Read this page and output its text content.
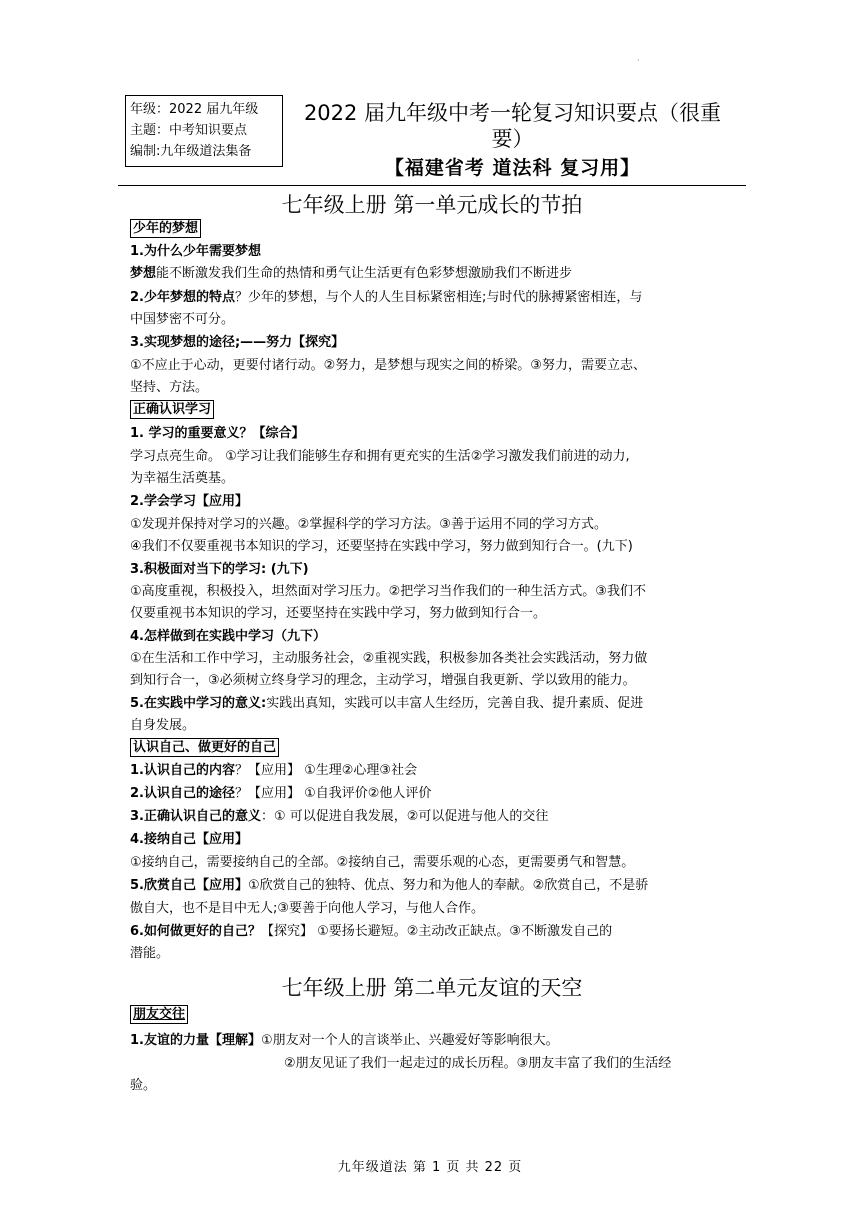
·
年级：2022 届九年级
主题：中考知识要点
编制:九年级道法集备
2022 届九年级中考一轮复习知识要点（很重
要）
【福建省考 道法科 复习用】
七年级上册 第一单元成长的节拍
少年的梦想
1.为什么少年需要梦想
梦想能不断激发我们生命的热情和勇气让生活更有色彩梦想激励我们不断进步
2.少年梦想的特点？少年的梦想，与个人的人生目标紧密相连;与时代的脉搏紧密相连，与
中国梦密不可分。
3.实现梦想的途径;——努力【探究】
①不应止于心动，更要付诸行动。②努力，是梦想与现实之间的桥梁。③努力，需要立志、
坚持、方法。
正确认识学习
1. 学习的重要意义？【综合】
学习点亮生命。 ①学习让我们能够生存和拥有更充实的生活②学习激发我们前进的动力,
为幸福生活奠基。
2.学会学习【应用】
①发现并保持对学习的兴趣。②掌握科学的学习方法。③善于运用不同的学习方式。
④我们不仅要重视书本知识的学习，还要坚持在实践中学习，努力做到知行合一。(九下)
3.积极面对当下的学习: (九下)
①高度重视，积极投入，坦然面对学习压力。②把学习当作我们的一种生活方式。③我们不
仅要重视书本知识的学习，还要坚持在实践中学习，努力做到知行合一。
4.怎样做到在实践中学习（九下）
①在生活和工作中学习，主动服务社会，②重视实践，积极参加各类社会实践活动，努力做
到知行合一，③必须树立终身学习的理念，主动学习，增强自我更新、学以致用的能力。
5.在实践中学习的意义:实践出真知，实践可以丰富人生经历，完善自我、提升素质、促进
自身发展。
认识自己、做更好的自己
1.认识自己的内容？【应用】 ①生理②心理③社会
2.认识自己的途径？【应用】 ①自我评价②他人评价
3.正确认识自己的意义：① 可以促进自我发展，②可以促进与他人的交往
4.接纳自己【应用】
①接纳自己，需要接纳自己的全部。②接纳自己，需要乐观的心态，更需要勇气和智慧。
5.欣赏自己【应用】①欣赏自己的独特、优点、努力和为他人的奉献。②欣赏自己，不是骄
傲自大，也不是目中无人;③要善于向他人学习，与他人合作。
6.如何做更好的自己？【探究】 ①要扬长避短。②主动改正缺点。③不断激发自己的
潜能。
七年级上册 第二单元友谊的天空
朋友交往
1.友谊的力量【理解】①朋友对一个人的言谈举止、兴趣爱好等影响很大。
②朋友见证了我们一起走过的成长历程。③朋友丰富了我们的生活经
验。
九年级道法 第 1 页 共 22 页
